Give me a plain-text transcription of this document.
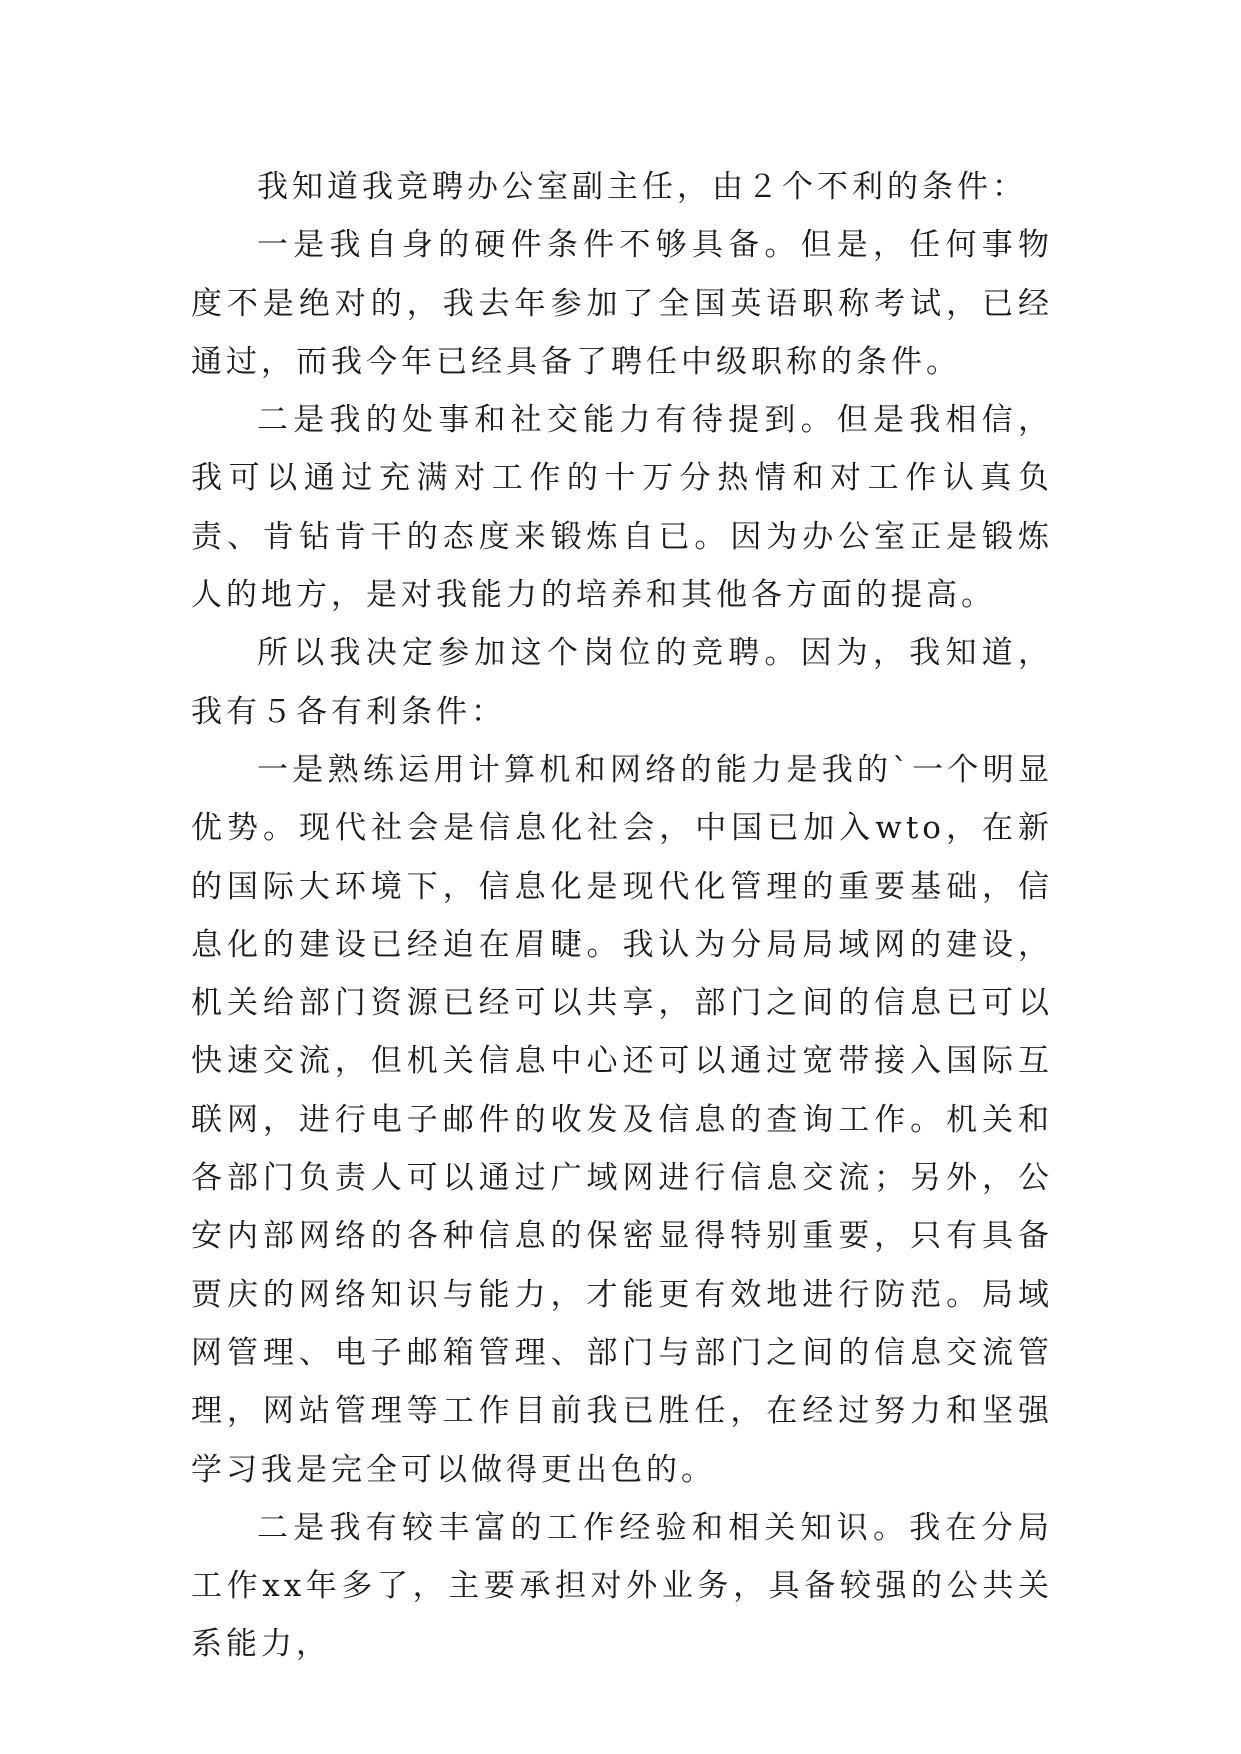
我知道我竞聘办公室副主任，由２个不利的条件：

一是我自身的硬件条件不够具备。但是，任何事物度不是绝对的，我去年参加了全国英语职称考试，已经通过，而我今年已经具备了聘任中级职称的条件。

二是我的处事和社交能力有待提到。但是我相信，我可以通过充满对工作的十万分热情和对工作认真负责、肯钻肯干的态度来锻炼自已。因为办公室正是锻炼人的地方，是对我能力的培养和其他各方面的提高。

所以我决定参加这个岗位的竞聘。因为，我知道，我有５各有利条件：

一是熟练运用计算机和网络的能力是我的`一个明显优势。现代社会是信息化社会，中国已加入wto，在新的国际大环境下，信息化是现代化管理的重要基础，信息化的建设已经迫在眉睫。我认为分局局域网的建设，机关给部门资源已经可以共享，部门之间的信息已可以快速交流，但机关信息中心还可以通过宽带接入国际互联网，进行电子邮件的收发及信息的查询工作。机关和各部门负责人可以通过广域网进行信息交流；另外，公安内部网络的各种信息的保密显得特别重要，只有具备贾庆的网络知识与能力，才能更有效地进行防范。局域网管理、电子邮箱管理、部门与部门之间的信息交流管理，网站管理等工作目前我已胜任，在经过努力和坚强学习我是完全可以做得更出色的。

二是我有较丰富的工作经验和相关知识。我在分局工作xx年多了，主要承担对外业务，具备较强的公共关系能力，
